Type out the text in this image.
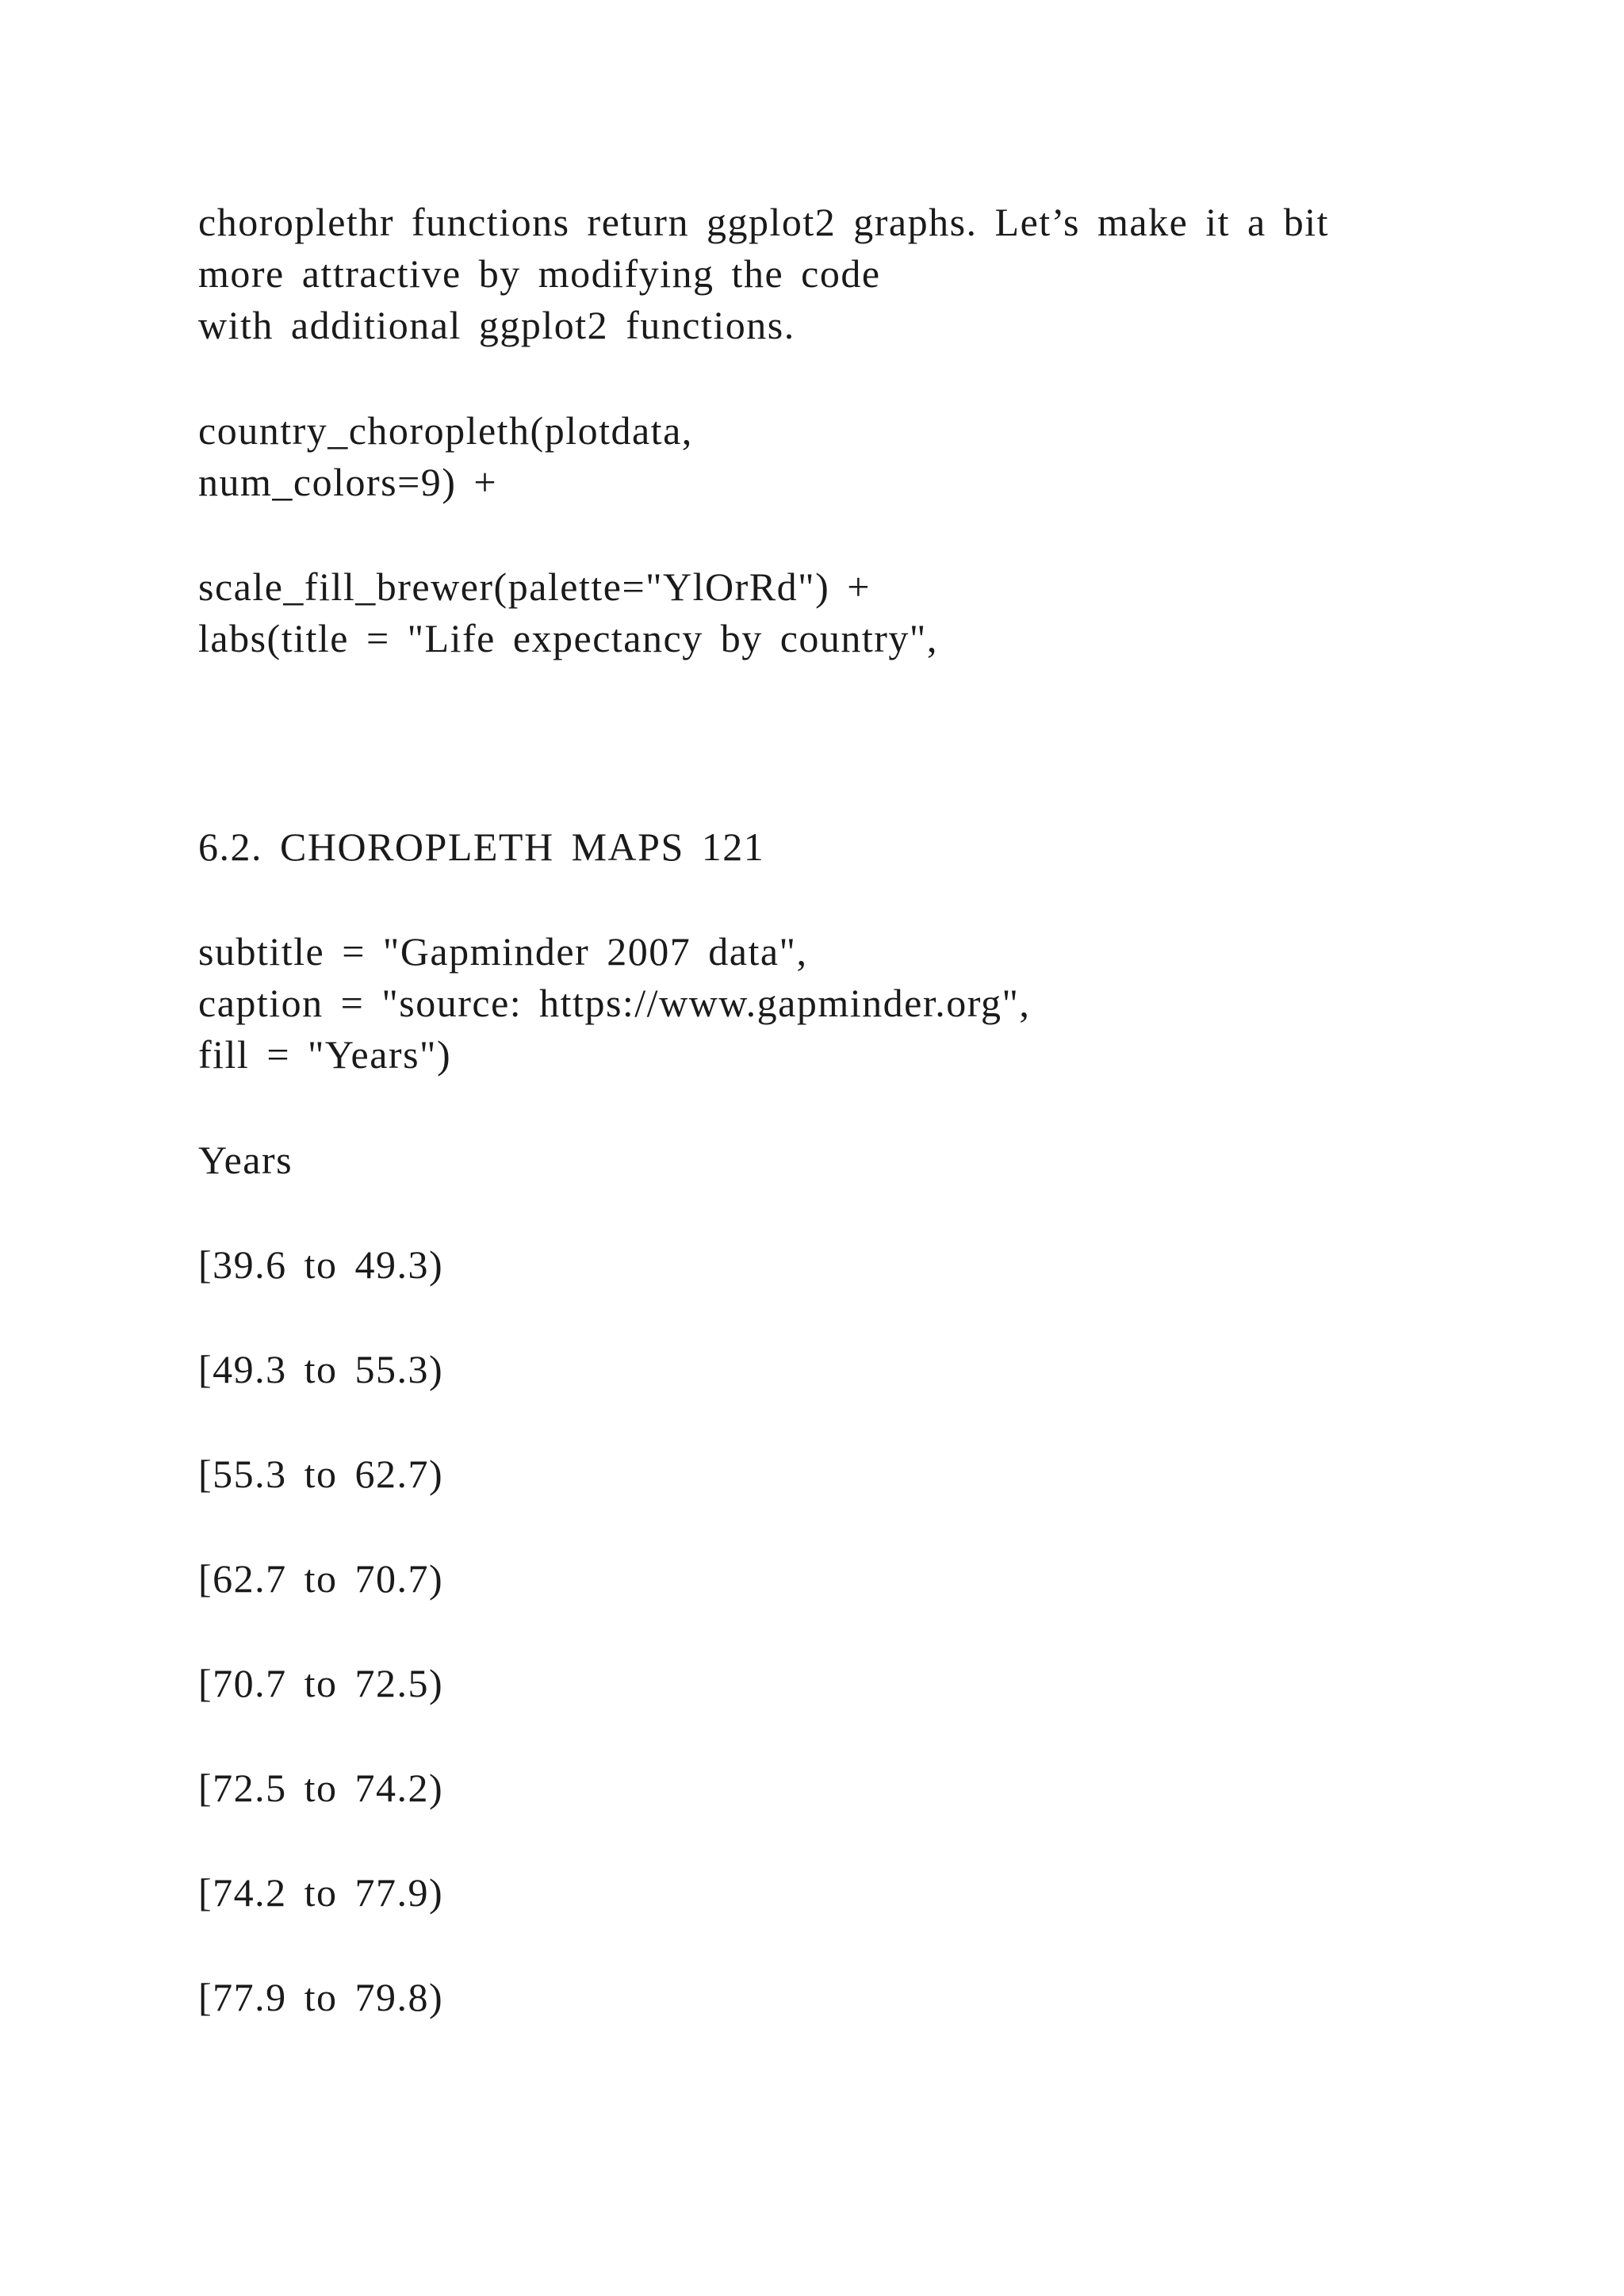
choroplethr functions return ggplot2 graphs. Let’s make it a bit

more attractive by modifying the code

with additional ggplot2 functions.

country_choropleth(plotdata,

num_colors=9) +

scale_fill_brewer(palette="YlOrRd") +

labs(title = "Life expectancy by country",

6.2. CHOROPLETH MAPS 121

subtitle = "Gapminder 2007 data",

caption = "source: https://www.gapminder.org",

fill = "Years")

Years

[39.6 to 49.3)

[49.3 to 55.3)

[55.3 to 62.7)

[62.7 to 70.7)

[70.7 to 72.5)

[72.5 to 74.2)

[74.2 to 77.9)

[77.9 to 79.8)
